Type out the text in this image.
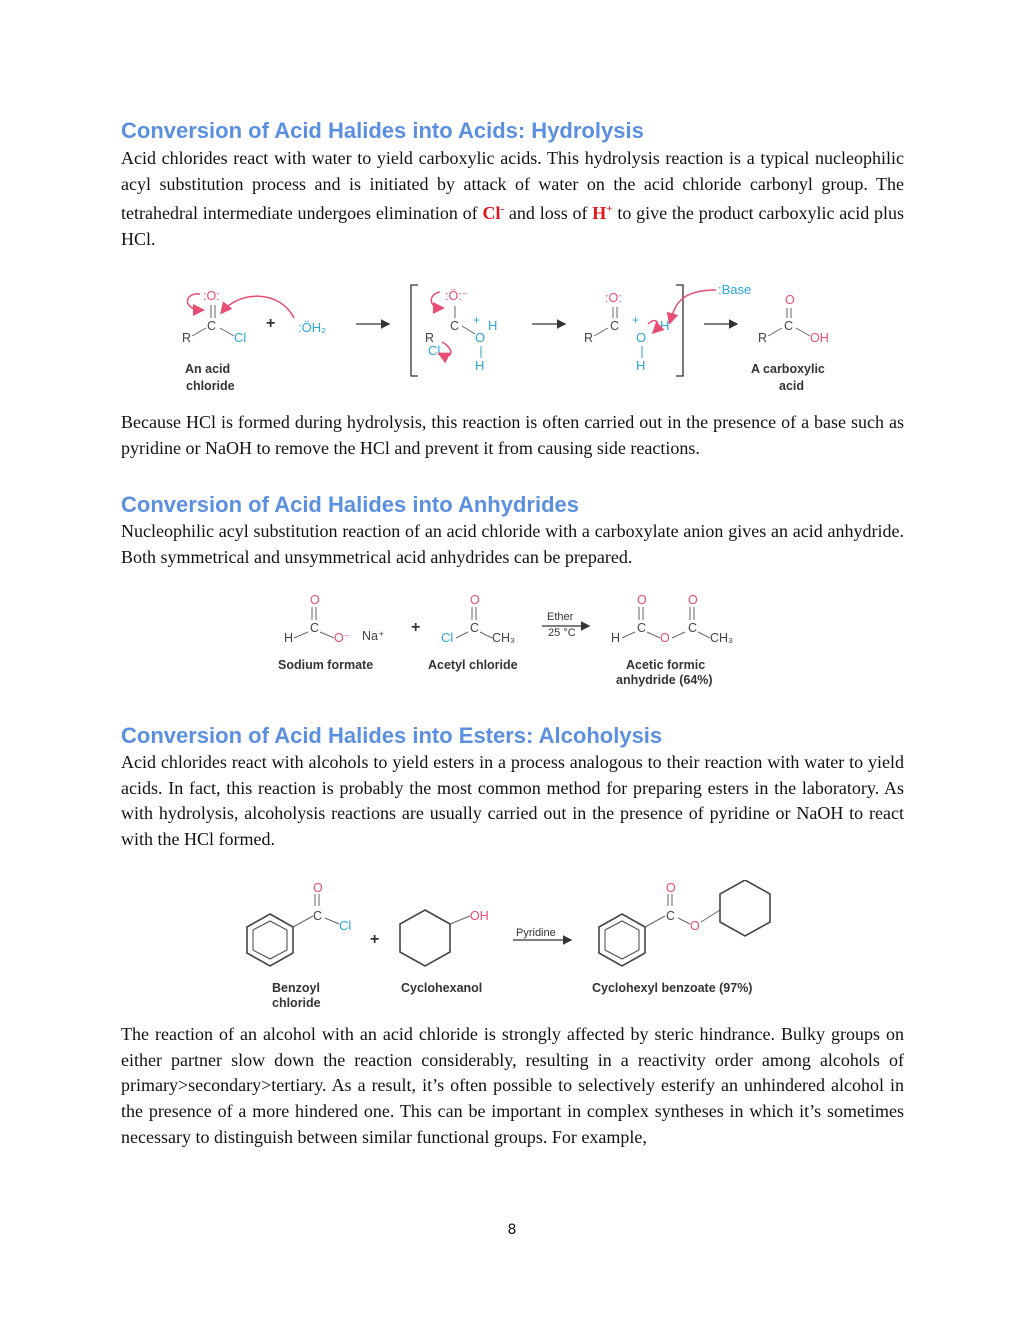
Conversion of Acid Halides into Acids: Hydrolysis

Acid chlorides react with water to yield carboxylic acids. This hydrolysis reaction is a typical nucleophilic acyl substitution process and is initiated by attack of water on the acid chloride carbonyl group. The tetrahedral intermediate undergoes elimination of Cl- and loss of H+ to give the product carboxylic acid plus HCl.

:O:
C
R	Cl
+ :ÖH₂
An acid
chloride
:Ö:⁻
C
R
Cl
+
O
H
H
:O:
C
R
+
O
H
H
:Base
O
C
R	OH
A carboxylic
acid

Because HCl is formed during hydrolysis, this reaction is often carried out in the presence of a base such as pyridine or NaOH to remove the HCl and prevent it from causing side reactions.

Conversion of Acid Halides into Anhydrides

Nucleophilic acyl substitution reaction of an acid chloride with a carboxylate anion gives an acid anhydride. Both symmetrical and unsymmetrical acid anhydrides can be prepared.

O
C
H	O⁻ Na⁺
Sodium formate
+
O
C
Cl	CH₃
Acetyl chloride
Ether
25 °C
O	O
C	C
H	O	CH₃
Acetic formic
anhydride (64%)
Conversion of Acid Halides into Esters: Alcoholysis

Acid chlorides react with alcohols to yield esters in a process analogous to their reaction with water to yield acids. In fact, this reaction is probably the most common method for preparing esters in the laboratory. As with hydrolysis, alcoholysis reactions are usually carried out in the presence of pyridine or NaOH to react with the HCl formed.

C
O
Cl
Benzoyl
chloride
+
OH
Cyclohexanol
Pyridine
C
O
O
Cyclohexyl benzoate (97%)

The reaction of an alcohol with an acid chloride is strongly affected by steric hindrance. Bulky groups on either partner slow down the reaction considerably, resulting in a reactivity order among alcohols of primary>secondary>tertiary. As a result, it’s often possible to selectively esterify an unhindered alcohol in the presence of a more hindered one. This can be important in complex syntheses in which it’s sometimes necessary to distinguish between similar functional groups. For example,

8
